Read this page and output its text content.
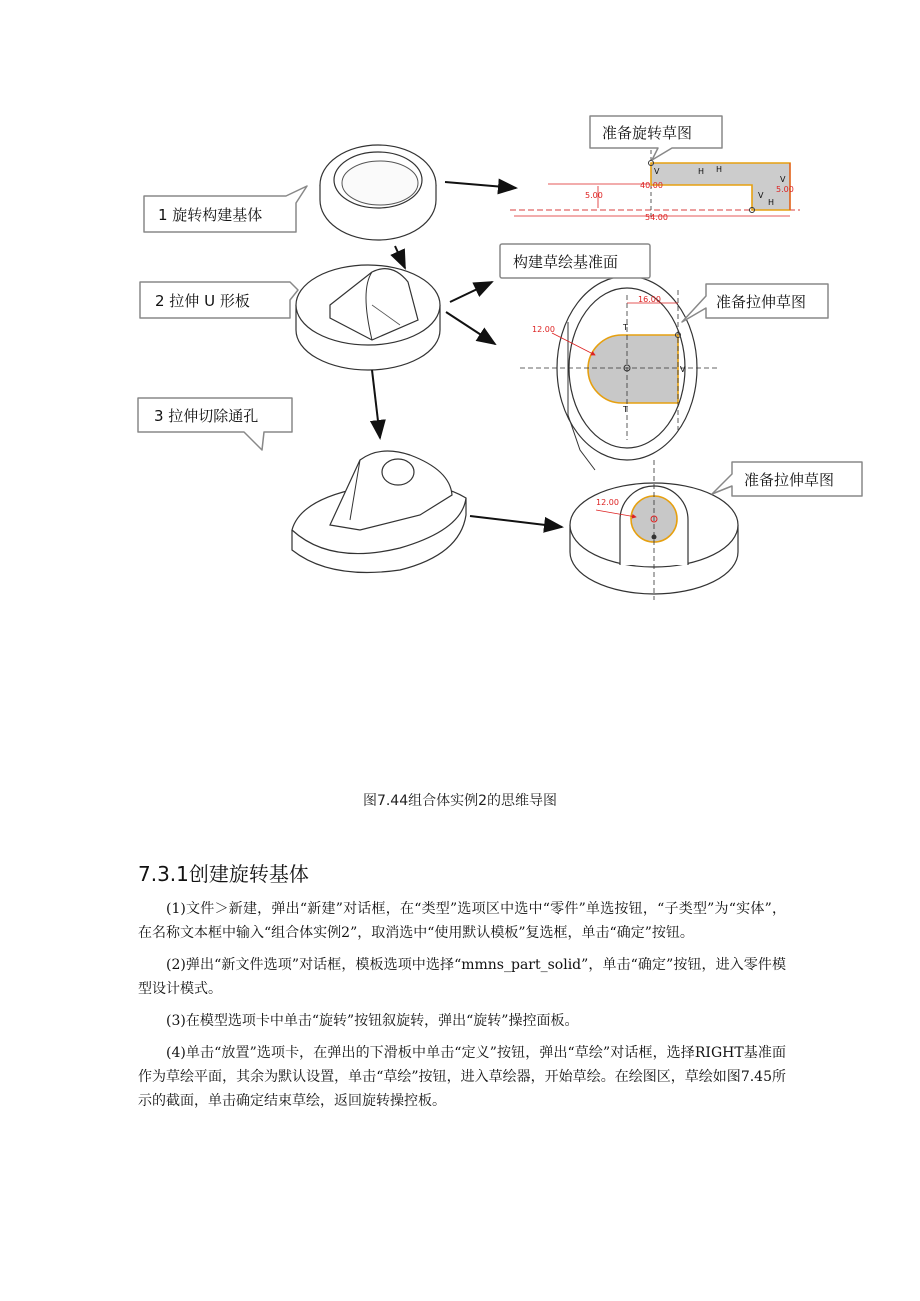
5.00
40.00	5.00
54.00
V	H H
V
H
V
16.00
12.00	T
T
V
12.00
1 旋转构建基体
2 拉伸 U 形板
3 拉伸切除通孔
准备旋转草图
构建草绘基准面
准备拉伸草图
准备拉伸草图
图7.44组合体实例2的思维导图
7.3.1创建旋转基体

(1)文件＞新建，弹出“新建”对话框，在“类型”选项区中选中“零件”单选按钮，“子类型”为“实体”，在名称文本框中输入“组合体实例2”，取消选中“使用默认模板”复选框，单击“确定”按钮。

(2)弹出“新文件选项”对话框，模板选项中选择“mmns_part_solid”，单击“确定”按钮，进入零件模型设计模式。

(3)在模型选项卡中单击“旋转”按钮叙旋转，弹出“旋转”操控面板。

(4)单击“放置”选项卡，在弹出的下滑板中单击“定义”按钮，弹出“草绘”对话框，选择RIGHT基准面作为草绘平面，其余为默认设置，单击“草绘”按钮，进入草绘器，开始草绘。在绘图区，草绘如图7.45所示的截面，单击确定结束草绘，返回旋转操控板。
